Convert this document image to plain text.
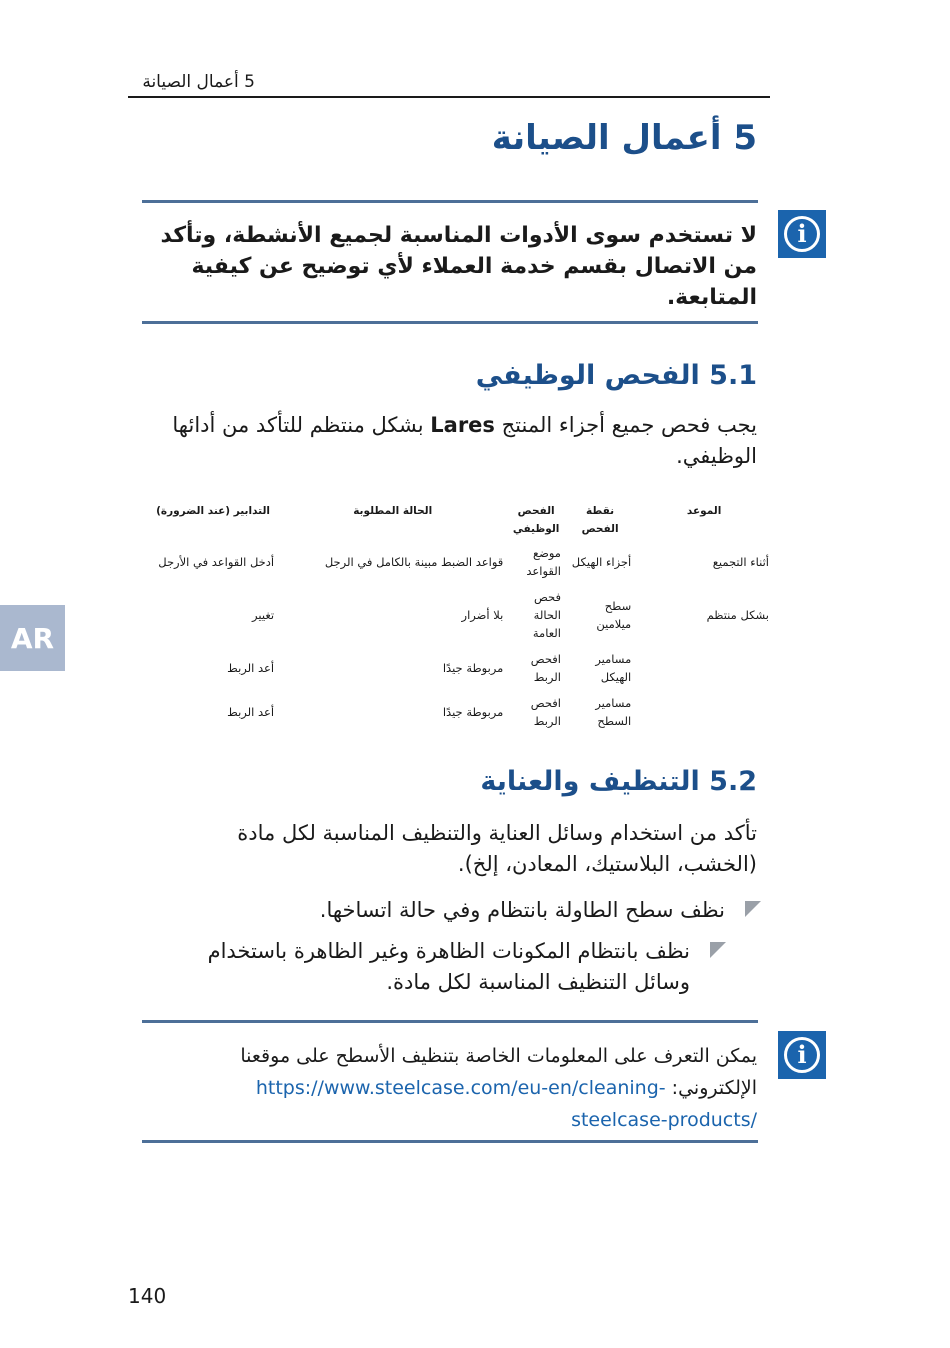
5 أعمال الصيانة
5 أعمال الصيانة
i
لا تستخدم سوى الأدوات المناسبة لجميع الأنشطة، وتأكد من الاتصال بقسم خدمة العملاء لأي توضيح عن كيفية المتابعة.
5.1 الفحص الوظيفي
يجب فحص جميع أجزاء المنتج Lares بشكل منتظم للتأكد من أدائها الوظيفي.
الموعد	نقطة الفحص	الفحص الوظيفي	الحالة المطلوبة	التدابير (عند الضرورة)
أثناء التجميع	أجزاء الهيكل	موضع القواعد	قواعد الضبط مبينة بالكامل في الرجل	أدخل القواعد في الأرجل
بشكل منتظم	سطح ميلامين	فحص الحالة العامة	بلا أضرار	تغيير
	مسامير الهيكل	افحص الربط	مربوطة جيدًا	أعد الربط
	مسامير السطح	افحص الربط	مربوطة جيدًا	أعد الربط
AR
5.2 التنظيف والعناية
تأكد من استخدام وسائل العناية والتنظيف المناسبة لكل مادة (الخشب، البلاستيك، المعادن، إلخ).
نظف سطح الطاولة بانتظام وفي حالة اتساخها.
نظف بانتظام المكونات الظاهرة وغير الظاهرة باستخدام وسائل التنظيف المناسبة لكل مادة.
i
يمكن التعرف على المعلومات الخاصة بتنظيف الأسطح على موقعنا الإلكتروني: https://www.steelcase.com/eu-en/cleaning-steelcase-products/
140
